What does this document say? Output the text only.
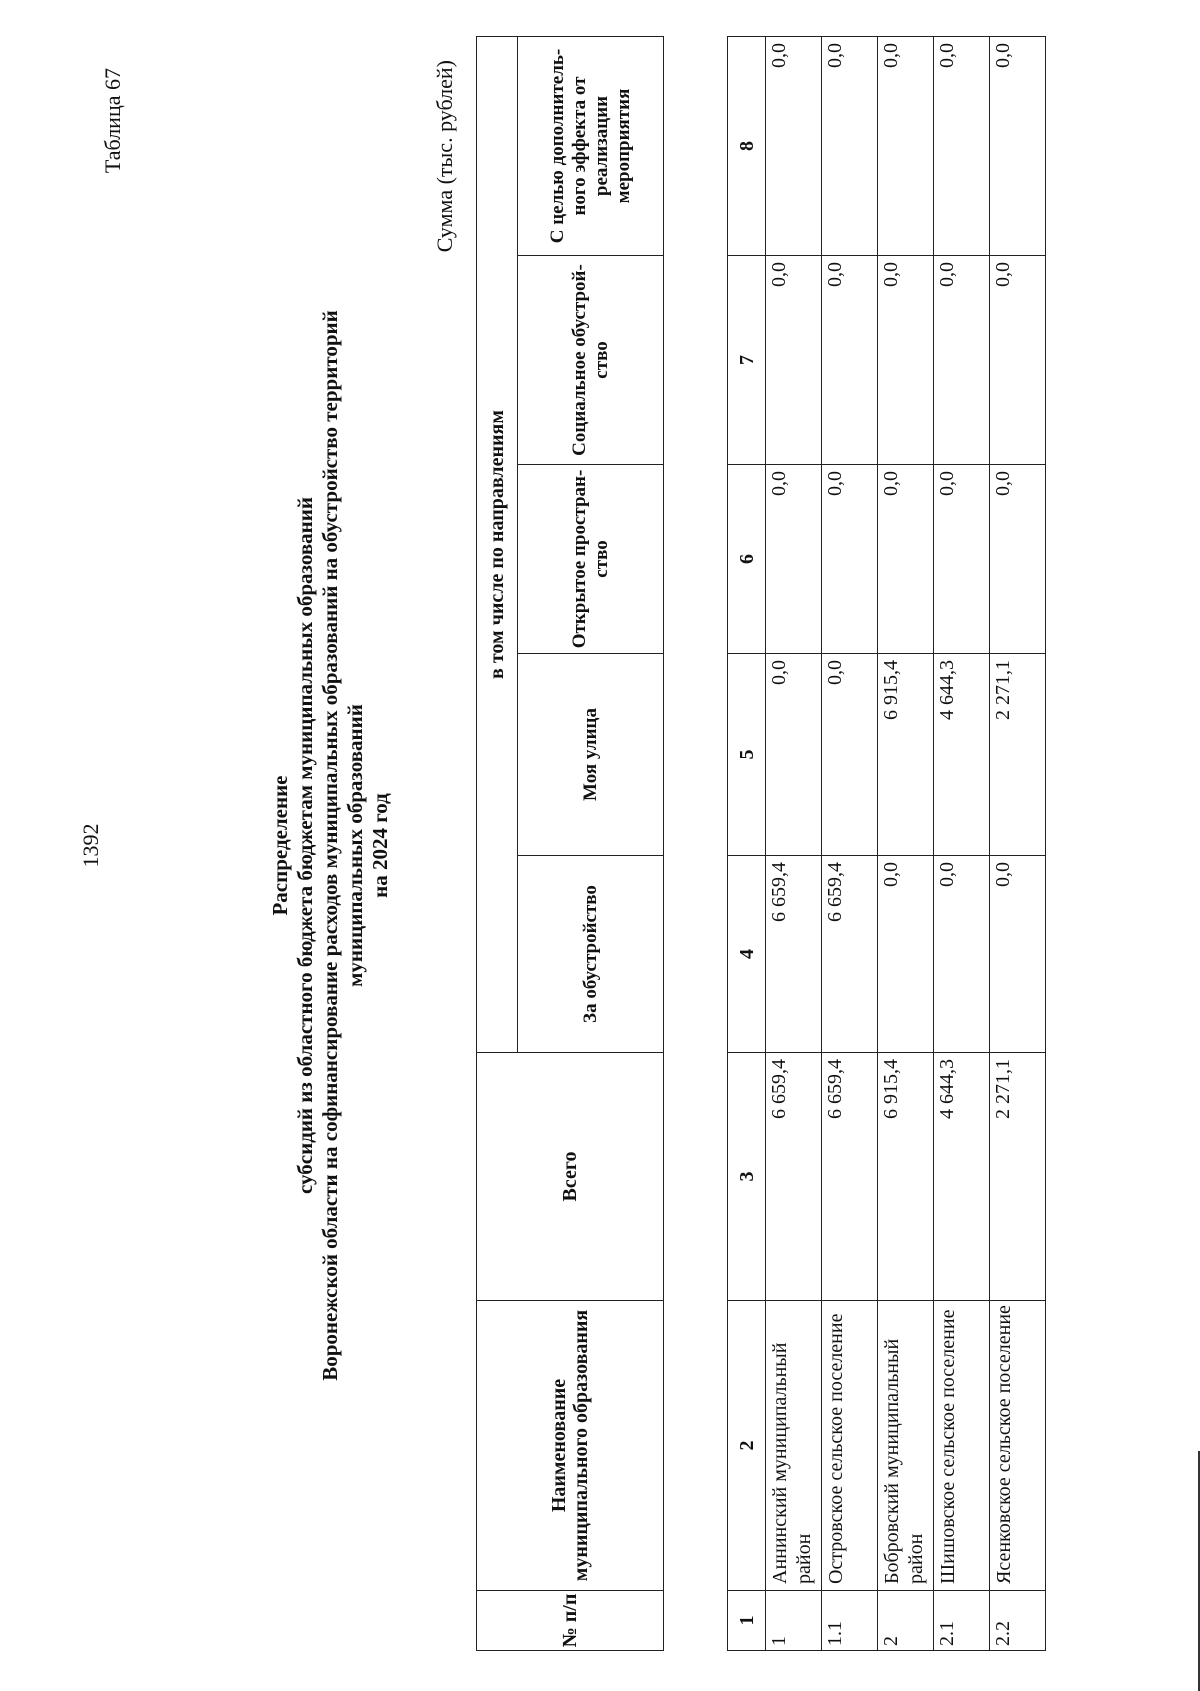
1392
Таблица 67
Распределение субсидий из областного бюджета бюджетам муниципальных образований Воронежской области на софинансирование расходов муниципальных образований на обустройство территорий муниципальных образований на 2024 год
Сумма (тыс. рублей)
№ п/п	Наименование муниципального образования	Всего	в том числе по направлениям				
			За обустройство	Моя улица	Открытое простран-ство	Социальное обустрой-ство	С целью дополнитель-ного эффекта от реализации мероприятия
1	2	3	4	5	6	7	8
1	Аннинский муниципальный район	6 659,4	6 659,4	0,0	0,0	0,0	0,0
1.1	Островское сельское поселение	6 659,4	6 659,4	0,0	0,0	0,0	0,0
2	Бобровский муниципальный район	6 915,4	0,0	6 915,4	0,0	0,0	0,0
2.1	Шишовское сельское поселение	4 644,3	0,0	4 644,3	0,0	0,0	0,0
2.2	Ясенковское сельское поселение	2 271,1	0,0	2 271,1	0,0	0,0	0,0
